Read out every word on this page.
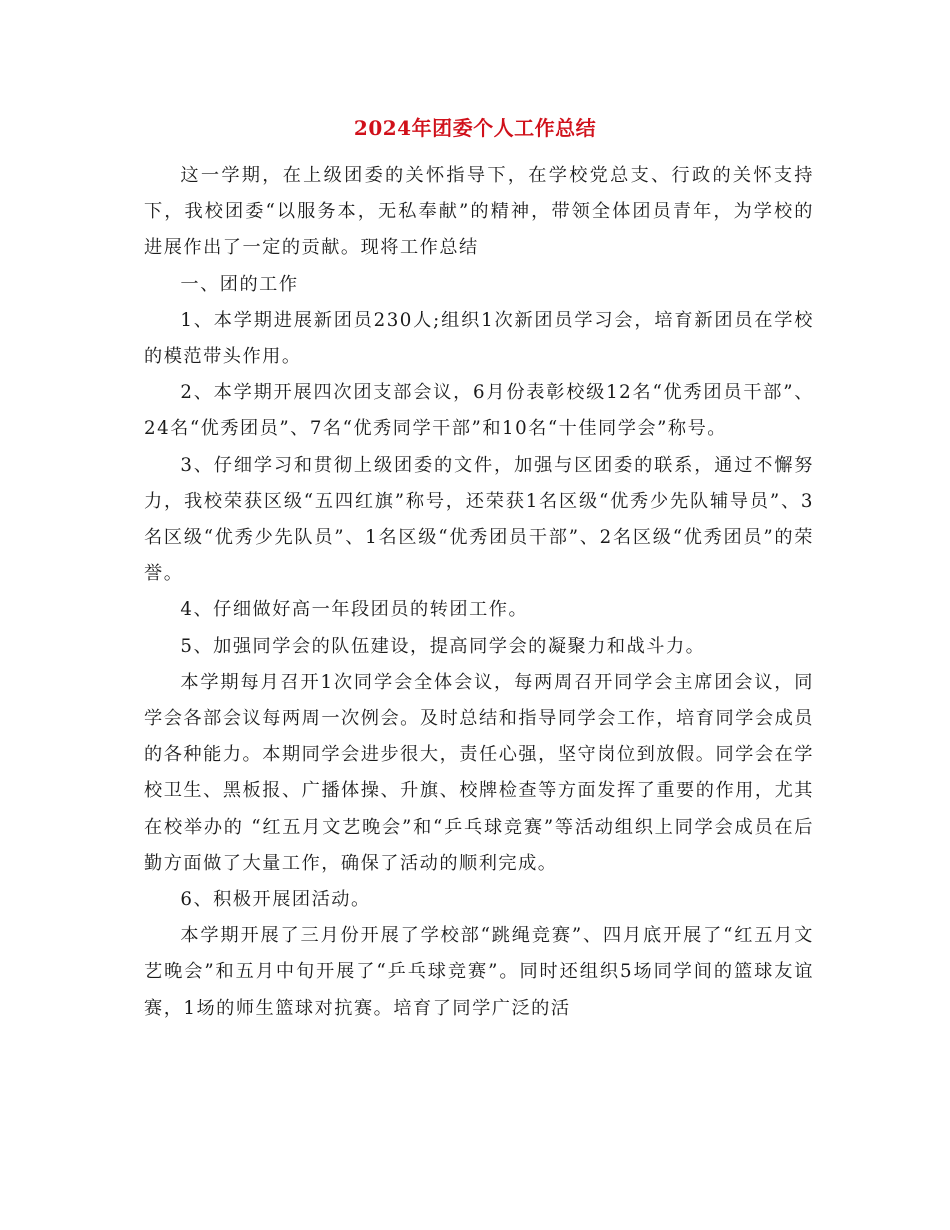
2024年团委个人工作总结

这一学期，在上级团委的关怀指导下，在学校党总支、行政的关怀支持下，我校团委“以服务本，无私奉献”的精神，带领全体团员青年，为学校的进展作出了一定的贡献。现将工作总结

一、团的工作

1、本学期进展新团员230人;组织1次新团员学习会，培育新团员在学校的模范带头作用。

2、本学期开展四次团支部会议，6月份表彰校级12名“优秀团员干部”、24名“优秀团员”、7名“优秀同学干部”和10名“十佳同学会”称号。

3、仔细学习和贯彻上级团委的文件，加强与区团委的联系，通过不懈努力，我校荣获区级“五四红旗”称号，还荣获1名区级“优秀少先队辅导员”、3名区级“优秀少先队员”、1名区级“优秀团员干部”、2名区级“优秀团员”的荣誉。

4、仔细做好高一年段团员的转团工作。

5、加强同学会的队伍建设，提高同学会的凝聚力和战斗力。

本学期每月召开1次同学会全体会议，每两周召开同学会主席团会议，同学会各部会议每两周一次例会。及时总结和指导同学会工作，培育同学会成员的各种能力。本期同学会进步很大，责任心强，坚守岗位到放假。同学会在学校卫生、黑板报、广播体操、升旗、校牌检查等方面发挥了重要的作用，尤其在校举办的 “红五月文艺晚会”和“乒乓球竞赛”等活动组织上同学会成员在后勤方面做了大量工作，确保了活动的顺利完成。

6、积极开展团活动。

本学期开展了三月份开展了学校部“跳绳竞赛”、四月底开展了“红五月文艺晚会”和五月中旬开展了“乒乓球竞赛”。同时还组织5场同学间的篮球友谊赛，1场的师生篮球对抗赛。培育了同学广泛的活
